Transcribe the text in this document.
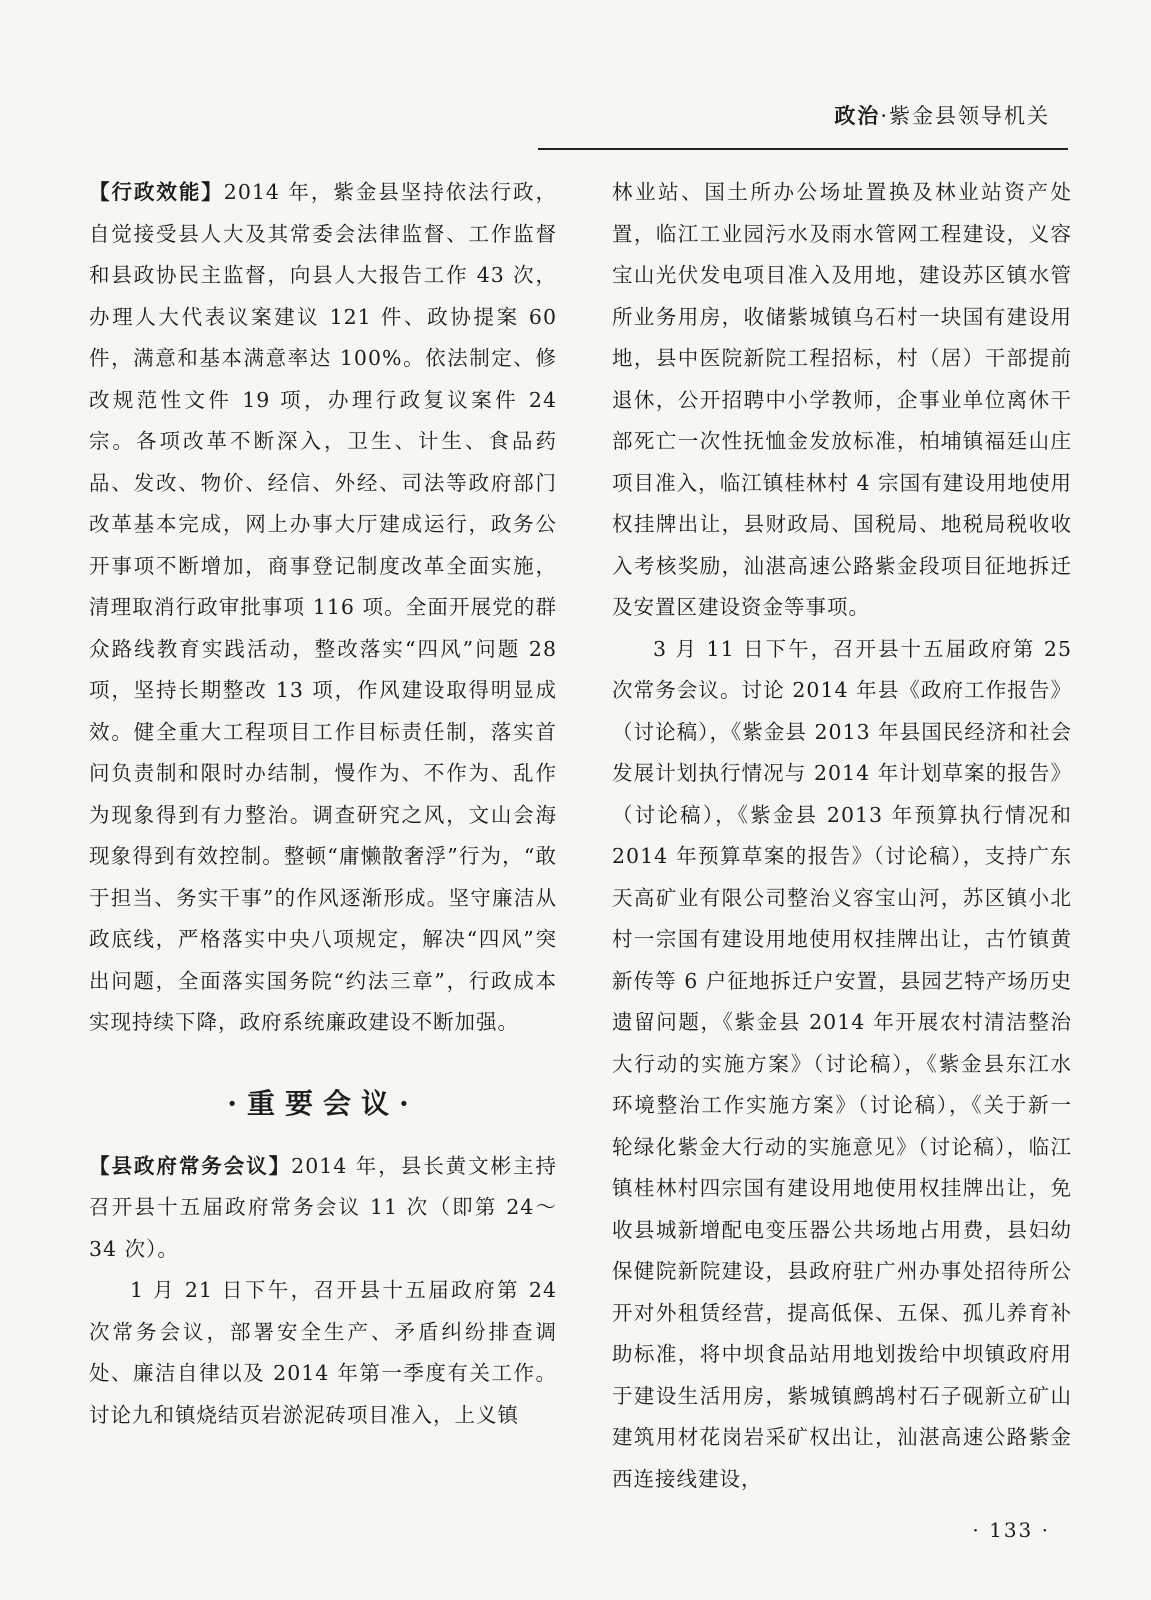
政治·紫金县领导机关

【行政效能】2014 年，紫金县坚持依法行政，自觉接受县人大及其常委会法律监督、工作监督和县政协民主监督，向县人大报告工作 43 次，办理人大代表议案建议 121 件、政协提案 60 件，满意和基本满意率达 100%。依法制定、修改规范性文件 19 项，办理行政复议案件 24 宗。各项改革不断深入，卫生、计生、食品药品、发改、物价、经信、外经、司法等政府部门改革基本完成，网上办事大厅建成运行，政务公开事项不断增加，商事登记制度改革全面实施，清理取消行政审批事项 116 项。全面开展党的群众路线教育实践活动，整改落实“四风”问题 28 项，坚持长期整改 13 项，作风建设取得明显成效。健全重大工程项目工作目标责任制，落实首问负责制和限时办结制，慢作为、不作为、乱作为现象得到有力整治。调查研究之风，文山会海现象得到有效控制。整顿“庸懒散奢浮”行为，“敢于担当、务实干事”的作风逐渐形成。坚守廉洁从政底线，严格落实中央八项规定，解决“四风”突出问题，全面落实国务院“约法三章”，行政成本实现持续下降，政府系统廉政建设不断加强。

·重要会议·

【县政府常务会议】2014 年，县长黄文彬主持召开县十五届政府常务会议 11 次（即第 24～34 次）。

1 月 21 日下午，召开县十五届政府第 24 次常务会议，部署安全生产、矛盾纠纷排查调处、廉洁自律以及 2014 年第一季度有关工作。讨论九和镇烧结页岩淤泥砖项目准入，上义镇

林业站、国土所办公场址置换及林业站资产处置，临江工业园污水及雨水管网工程建设，义容宝山光伏发电项目准入及用地，建设苏区镇水管所业务用房，收储紫城镇乌石村一块国有建设用地，县中医院新院工程招标，村（居）干部提前退休，公开招聘中小学教师，企事业单位离休干部死亡一次性抚恤金发放标准，柏埔镇福廷山庄项目准入，临江镇桂林村 4 宗国有建设用地使用权挂牌出让，县财政局、国税局、地税局税收收入考核奖励，汕湛高速公路紫金段项目征地拆迁及安置区建设资金等事项。

3 月 11 日下午，召开县十五届政府第 25 次常务会议。讨论 2014 年县《政府工作报告》（讨论稿），《紫金县 2013 年县国民经济和社会发展计划执行情况与 2014 年计划草案的报告》（讨论稿），《紫金县 2013 年预算执行情况和 2014 年预算草案的报告》（讨论稿），支持广东天高矿业有限公司整治义容宝山河，苏区镇小北村一宗国有建设用地使用权挂牌出让，古竹镇黄新传等 6 户征地拆迁户安置，县园艺特产场历史遗留问题，《紫金县 2014 年开展农村清洁整治大行动的实施方案》（讨论稿），《紫金县东江水环境整治工作实施方案》（讨论稿），《关于新一轮绿化紫金大行动的实施意见》（讨论稿），临江镇桂林村四宗国有建设用地使用权挂牌出让，免收县城新增配电变压器公共场地占用费，县妇幼保健院新院建设，县政府驻广州办事处招待所公开对外租赁经营，提高低保、五保、孤儿养育补助标准，将中坝食品站用地划拨给中坝镇政府用于建设生活用房，紫城镇鹧鸪村石子砚新立矿山建筑用材花岗岩采矿权出让，汕湛高速公路紫金西连接线建设，

· 133 ·
